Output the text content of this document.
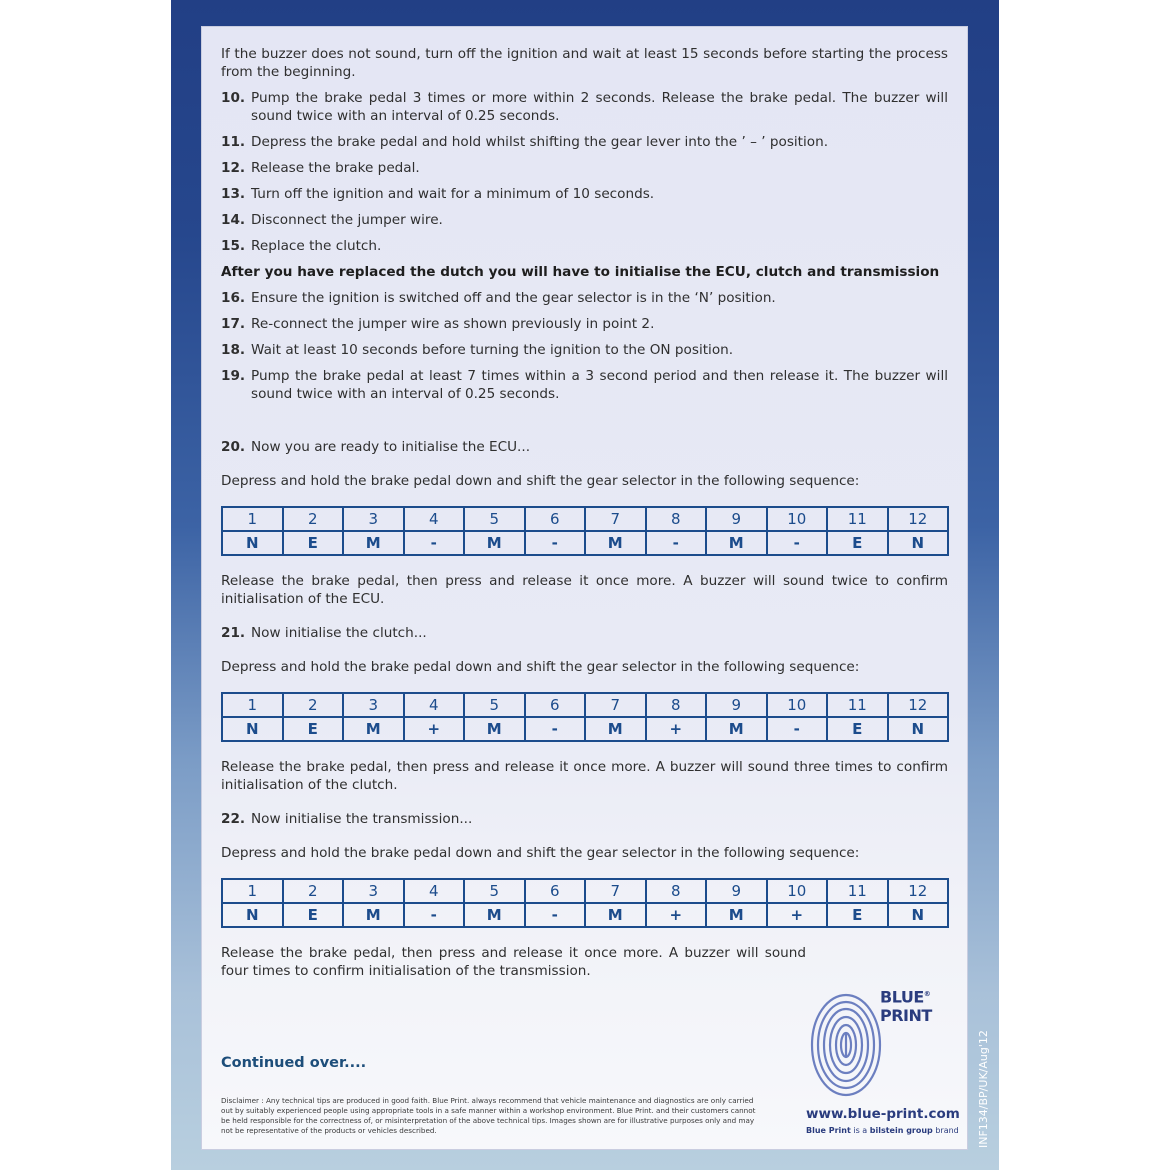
If the buzzer does not sound, turn off the ignition and wait at least 15 seconds before starting the process from the beginning.

10. Pump the brake pedal 3 times or more within 2 seconds. Release the brake pedal. The buzzer will sound twice with an interval of 0.25 seconds.
11. Depress the brake pedal and hold whilst shifting the gear lever into the ’ – ’ position.
12. Release the brake pedal.
13. Turn off the ignition and wait for a minimum of 10 seconds.
14. Disconnect the jumper wire.
15. Replace the clutch.

After you have replaced the dutch you will have to initialise the ECU, clutch and transmission

16. Ensure the ignition is switched off and the gear selector is in the ‘N’ position.
17. Re-connect the jumper wire as shown previously in point 2.
18. Wait at least 10 seconds before turning the ignition to the ON position.
19. Pump the brake pedal at least 7 times within a 3 second period and then release it. The buzzer will sound twice with an interval of 0.25 seconds.
20. Now you are ready to initialise the ECU...

Depress and hold the brake pedal down and shift the gear selector in the following sequence:

1	2	3	4	5	6	7	8	9	10	11	12
N	E	M	-	M	-	M	-	M	-	E	N

Release the brake pedal, then press and release it once more. A buzzer will sound twice to confirm initialisation of the ECU.

21. Now initialise the clutch...

Depress and hold the brake pedal down and shift the gear selector in the following sequence:

1	2	3	4	5	6	7	8	9	10	11	12
N	E	M	+	M	-	M	+	M	-	E	N

Release the brake pedal, then press and release it once more. A buzzer will sound three times to confirm initialisation of the clutch.

22. Now initialise the transmission...

Depress and hold the brake pedal down and shift the gear selector in the following sequence:

1	2	3	4	5	6	7	8	9	10	11	12
N	E	M	-	M	-	M	+	M	+	E	N

Release the brake pedal, then press and release it once more. A buzzer will sound four times to confirm initialisation of the transmission.

Continued over....
Disclaimer : Any technical tips are produced in good faith. Blue Print. always recommend that vehicle maintenance and diagnostics are only carried out by suitably experienced people using appropriate tools in a safe manner within a workshop environment. Blue Print. and their customers cannot be held responsible for the correctness of, or misinterpretation of the above technical tips. Images shown are for illustrative purposes only and may not be representative of the products or vehicles described.
BLUE®
PRINT
www.blue-print.com
Blue Print is a bilstein group brand INF134/BP/UK/Aug'12
